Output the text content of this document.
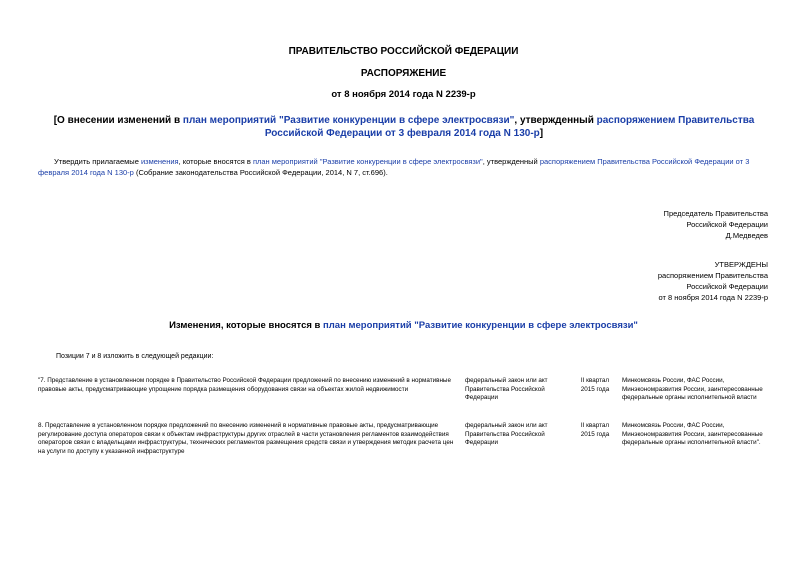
ПРАВИТЕЛЬСТВО РОССИЙСКОЙ ФЕДЕРАЦИИ
РАСПОРЯЖЕНИЕ
от 8 ноября 2014 года N 2239-р
[О внесении изменений в план мероприятий "Развитие конкуренции в сфере электросвязи", утвержденный распоряжением Правительства Российской Федерации от 3 февраля 2014 года N 130-р]
Утвердить прилагаемые изменения, которые вносятся в план мероприятий "Развитие конкуренции в сфере электросвязи", утвержденный распоряжением Правительства Российской Федерации от 3 февраля 2014 года N 130-р (Собрание законодательства Российской Федерации, 2014, N 7, ст.696).
Председатель Правительства
Российской Федерации
Д.Медведев
УТВЕРЖДЕНЫ
распоряжением Правительства
Российской Федерации
от 8 ноября 2014 года N 2239-р
Изменения, которые вносятся в план мероприятий "Развитие конкуренции в сфере электросвязи"
Позиции 7 и 8 изложить в следующей редакции:
"7. Представление в установленном порядке в Правительство Российской Федерации предложений по внесению изменений в нормативные правовые акты, предусматривающие упрощение порядка размещения оборудования связи на объектах жилой недвижимости
федеральный закон или акт Правительства Российской Федерации
II квартал 2015 года
Минкомсвязь России, ФАС России, Минэкономразвития России, заинтересованные федеральные органы исполнительной власти
8. Представление в установленном порядке предложений по внесению изменений в нормативные правовые акты, предусматривающие регулирование доступа операторов связи к объектам инфраструктуры других отраслей в части установления регламентов взаимодействия операторов связи с владельцами инфраструктуры, технических регламентов размещения средств связи и утверждения методик расчета цен на услуги по доступу к указанной инфраструктуре
федеральный закон или акт Правительства Российской Федерации
II квартал 2015 года
Минкомсвязь России, ФАС России, Минэкономразвития России, заинтересованные федеральные органы исполнительной власти".
